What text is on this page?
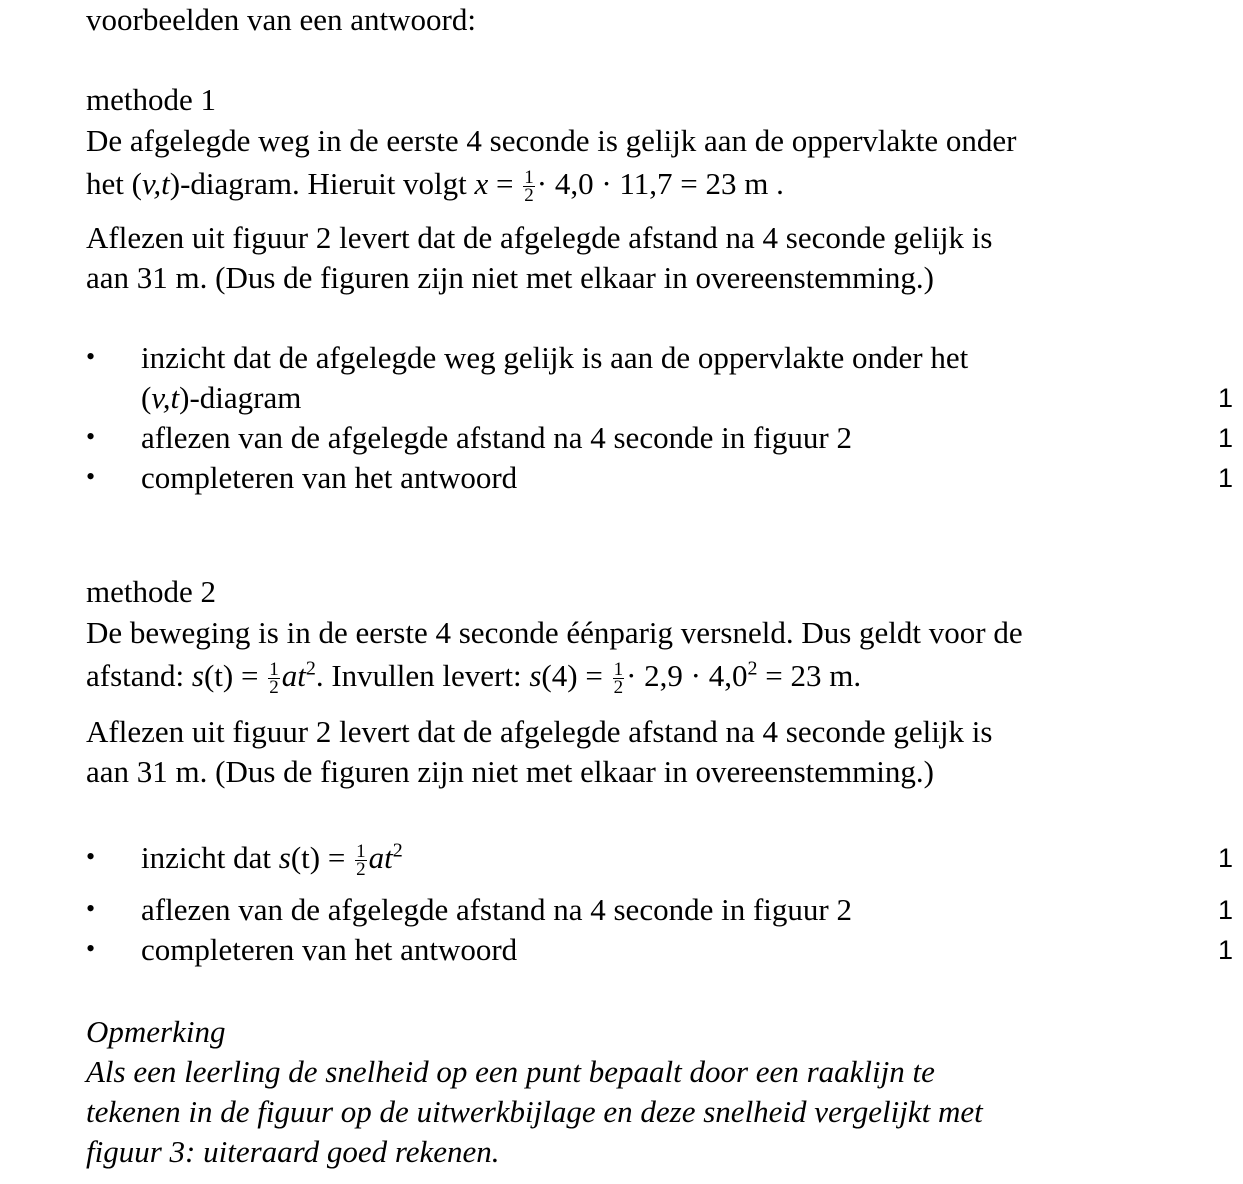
voorbeelden van een antwoord:
methode 1
De afgelegde weg in de eerste 4 seconde is gelijk aan de oppervlakte onder
het (v,t)-diagram. Hieruit volgt $x = \frac{1}{2} \cdot 4,0 \cdot 11,7 = 23$ m .
Aflezen uit figuur 2 levert dat de afgelegde afstand na 4 seconde gelijk is
aan 31 m. (Dus de figuren zijn niet met elkaar in overeenstemming.)
• inzicht dat de afgelegde weg gelijk is aan de oppervlakte onder het
(v,t)-diagram	1
• aflezen van de afgelegde afstand na 4 seconde in figuur 2	1
• completeren van het antwoord	1
methode 2
De beweging is in de eerste 4 seconde éénparig versneld. Dus geldt voor de
afstand: $s(t) = \frac{1}{2} at^2$. Invullen levert: $s(4) = \frac{1}{2} \cdot 2,9 \cdot 4,0^2 = 23$ m.
Aflezen uit figuur 2 levert dat de afgelegde afstand na 4 seconde gelijk is
aan 31 m. (Dus de figuren zijn niet met elkaar in overeenstemming.)
• inzicht dat $s(t) = \frac{1}{2} at^2$	1
• aflezen van de afgelegde afstand na 4 seconde in figuur 2	1
• completeren van het antwoord	1
Opmerking
Als een leerling de snelheid op een punt bepaalt door een raaklijn te
tekenen in de figuur op de uitwerkbijlage en deze snelheid vergelijkt met
figuur 3: uiteraard goed rekenen.
